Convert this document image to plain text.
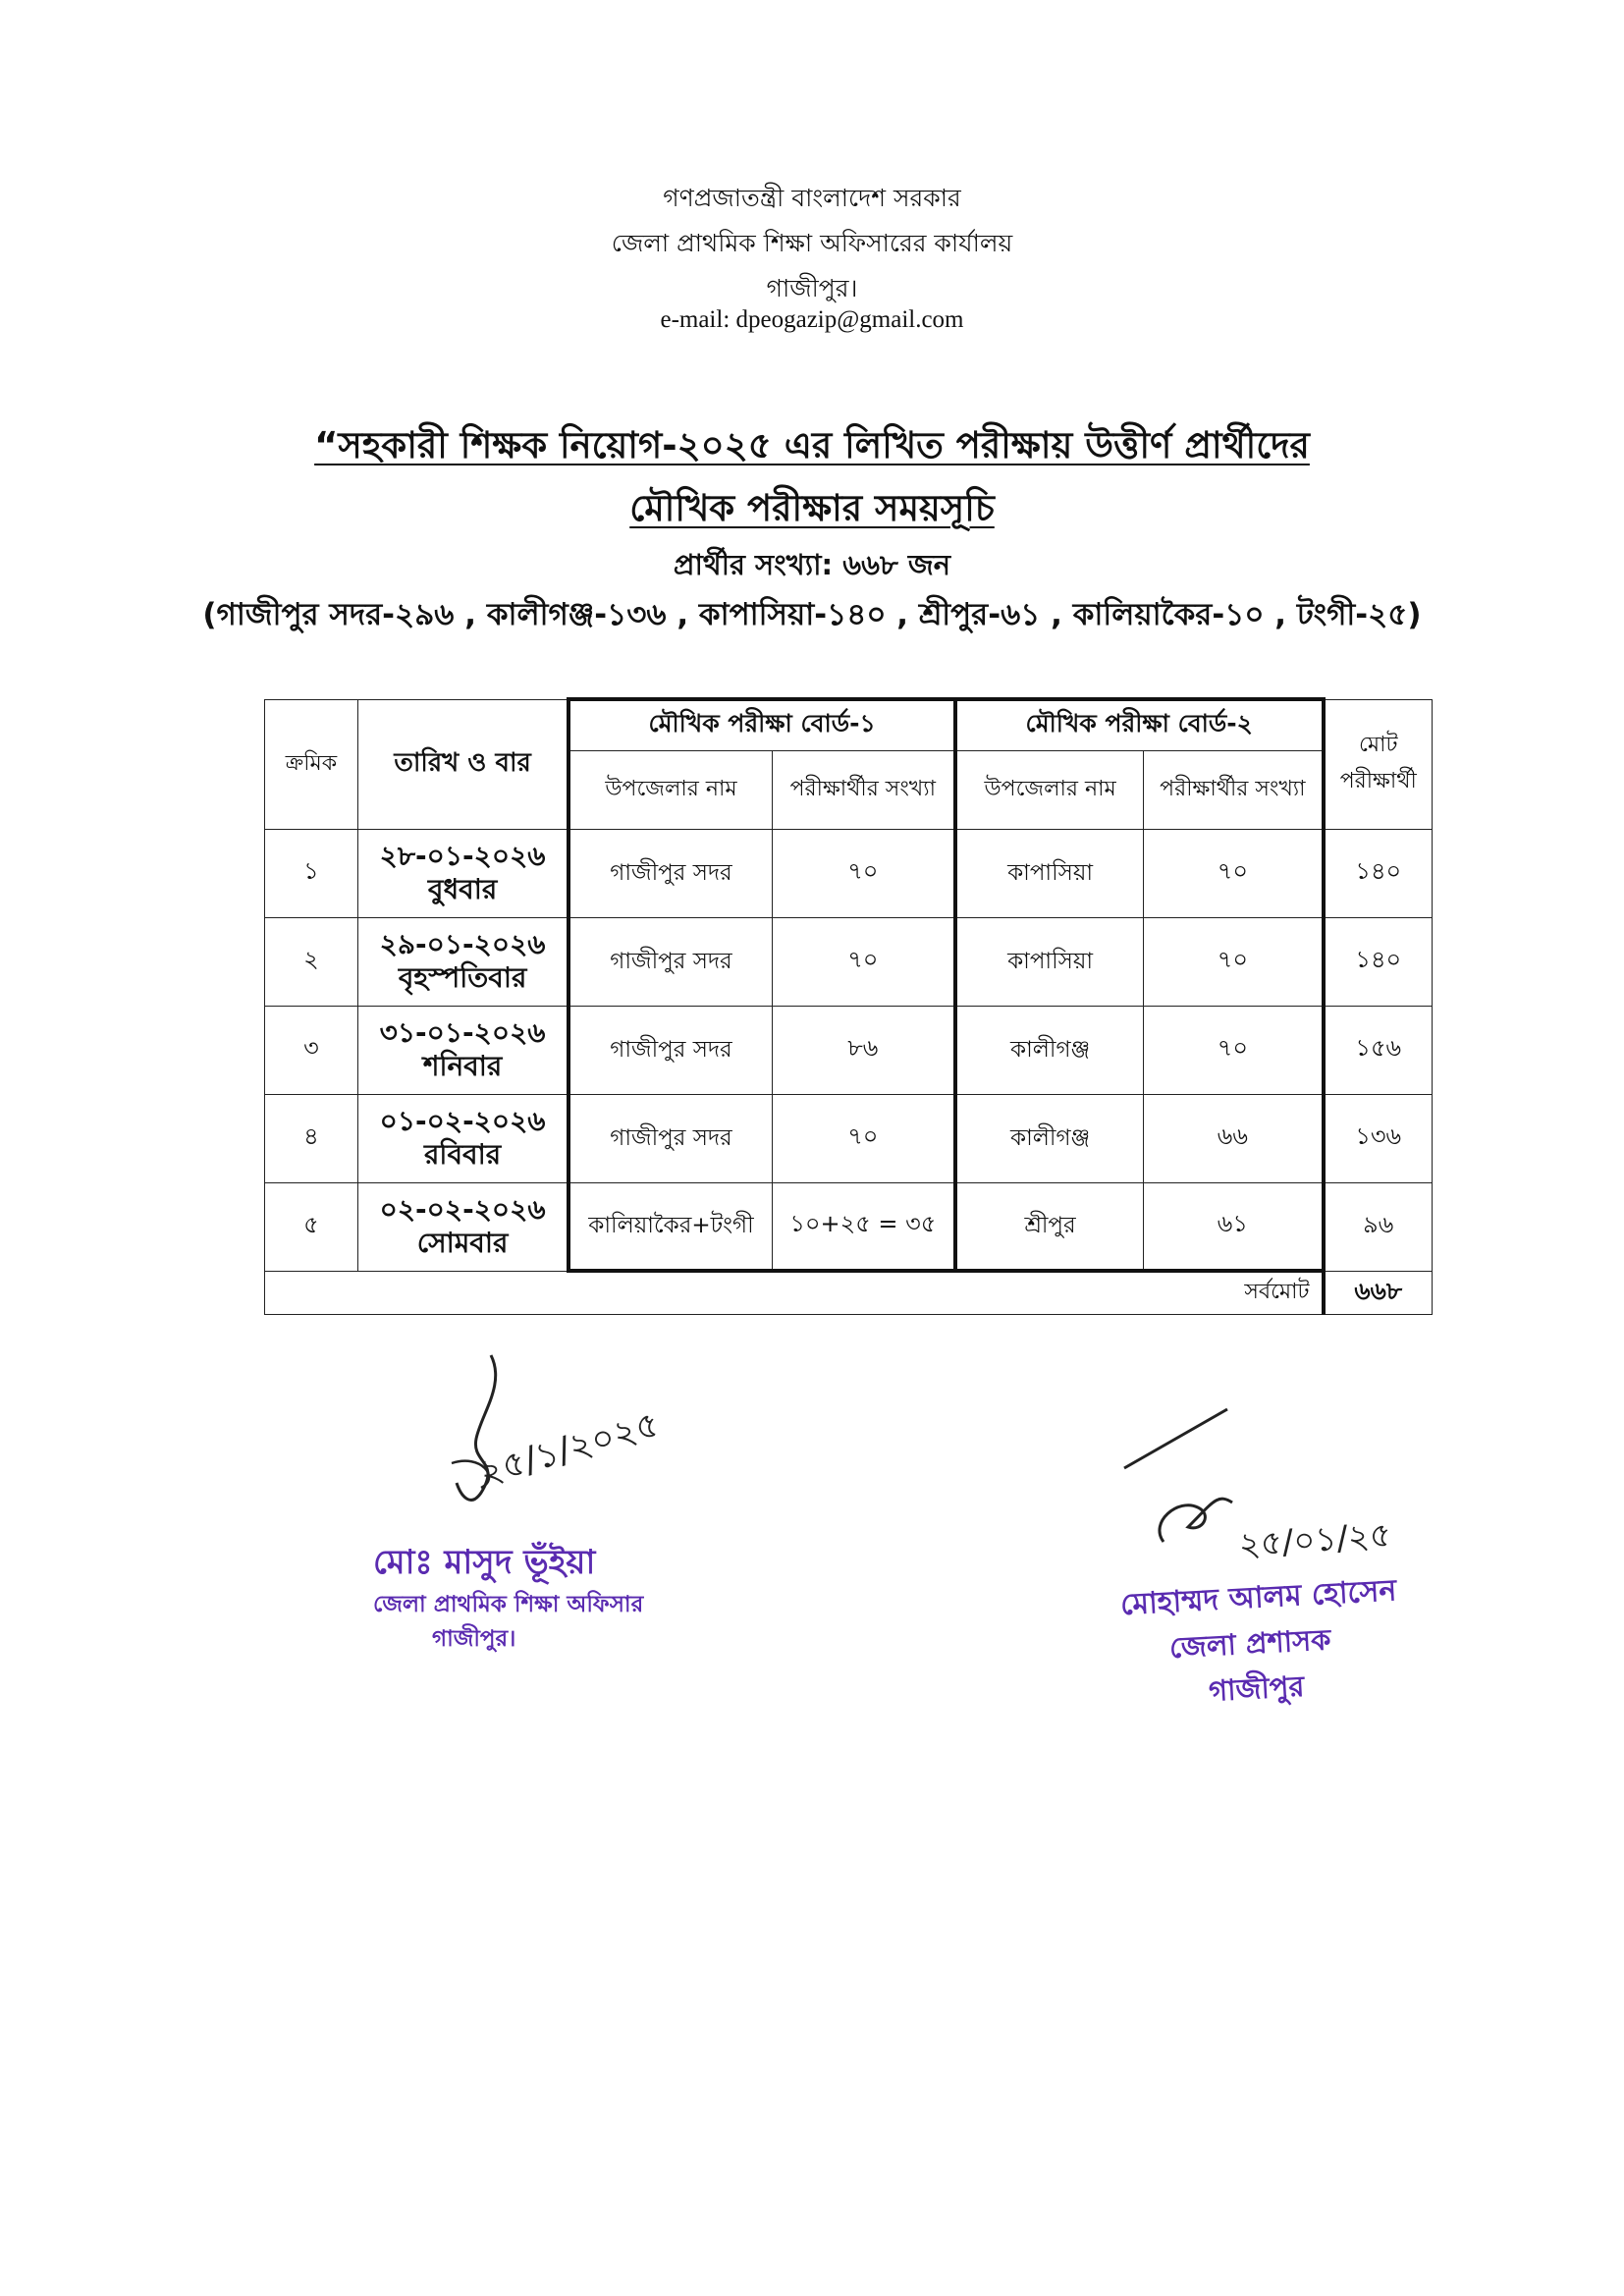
গণপ্রজাতন্ত্রী বাংলাদেশ সরকার
জেলা প্রাথমিক শিক্ষা অফিসারের কার্যালয়
গাজীপুর।
e-mail: dpeogazip@gmail.com
“সহকারী শিক্ষক নিয়োগ-২০২৫ এর লিখিত পরীক্ষায় উত্তীর্ণ প্রার্থীদের
মৌখিক পরীক্ষার সময়সূচি
প্রার্থীর সংখ্যা: ৬৬৮ জন
(গাজীপুর সদর-২৯৬ , কালীগঞ্জ-১৩৬ , কাপাসিয়া-১৪০ , শ্রীপুর-৬১ , কালিয়াকৈর-১০ , টংগী-২৫)
ক্রমিক	তারিখ ও বার	মৌখিক পরীক্ষা বোর্ড-১		মৌখিক পরীক্ষা বোর্ড-২		মোট পরীক্ষার্থী
		উপজেলার নাম	পরীক্ষার্থীর সংখ্যা	উপজেলার নাম	পরীক্ষার্থীর সংখ্যা	
১	২৮-০১-২০২৬
বুধবার	গাজীপুর সদর	৭০	কাপাসিয়া	৭০	১৪০
২	২৯-০১-২০২৬
বৃহস্পতিবার	গাজীপুর সদর	৭০	কাপাসিয়া	৭০	১৪০
৩	৩১-০১-২০২৬
শনিবার	গাজীপুর সদর	৮৬	কালীগঞ্জ	৭০	১৫৬
৪	০১-০২-২০২৬
রবিবার	গাজীপুর সদর	৭০	কালীগঞ্জ	৬৬	১৩৬
৫	০২-০২-২০২৬
সোমবার	কালিয়াকৈর+টংগী	১০+২৫ = ৩৫	শ্রীপুর	৬১	৯৬
সর্বমোট						৬৬৮
২৫/১/২০২৫
মোঃ মাসুদ ভূঁইয়া
জেলা প্রাথমিক শিক্ষা অফিসার
গাজীপুর।
২৫/০১/২৫
মোহাম্মদ আলম হোসেন
জেলা প্রশাসক
গাজীপুর
